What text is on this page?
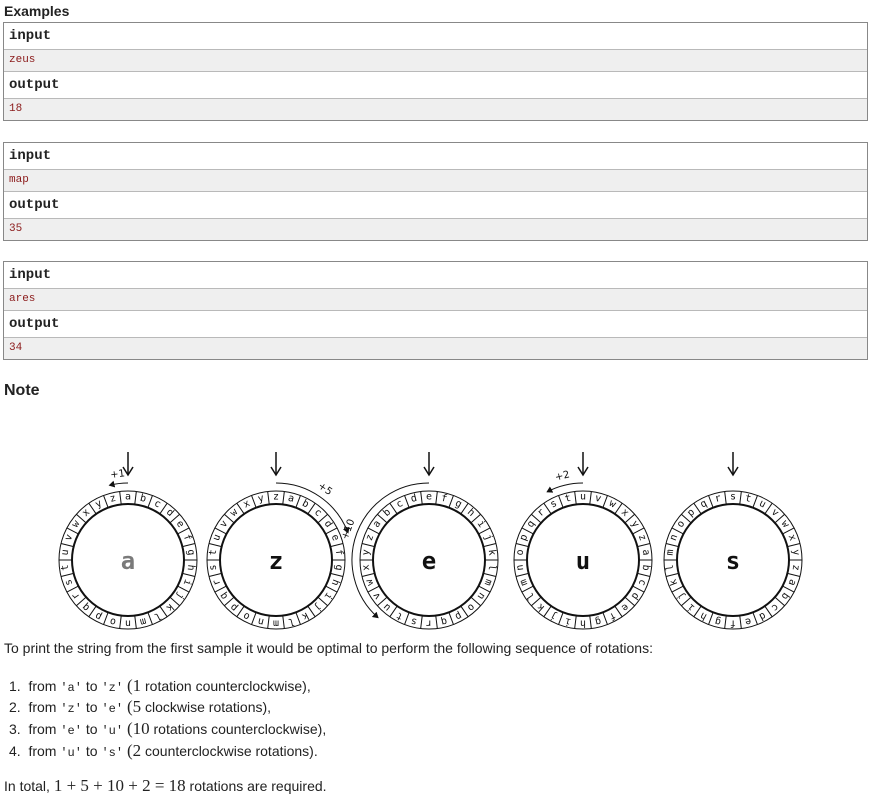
Examples
input
zeus
output
18
input
map
output
35
input
ares
output
34
Note
a b c
d
e
f
g
h
i
j
k
l
m
n
o
p
q
r
s
t
u
v
w
x
y z
a
+1
z a b
c
d
e
f
g
h
i
j
k
l
m
n
o
p
q
r
s
t
u
v
w
x y
z
+5	e f g
h
i
j
k
l
m
n
o
p
q
r
s
t
u
v
w
x
y
z
a
b
c d
e
+10
u v w
x
y
z
a
b
c
d
e
f
g
h
i
j
k
l
m
n
o
p
q
r
s t
u
+2
s t u
v
w
x
y
z
a
b
c
d
e
f
g
h
i
j
k
l
m
n
o
p
q r
s
To print the string from the first sample it would be optimal to perform the following sequence of rotations:
1. from 'a' to 'z' (1 rotation counterclockwise),
2. from 'z' to 'e' (5 clockwise rotations),
3. from 'e' to 'u' (10 rotations counterclockwise),
4. from 'u' to 's' (2 counterclockwise rotations).
In total, 1 + 5 + 10 + 2 = 18 rotations are required.
